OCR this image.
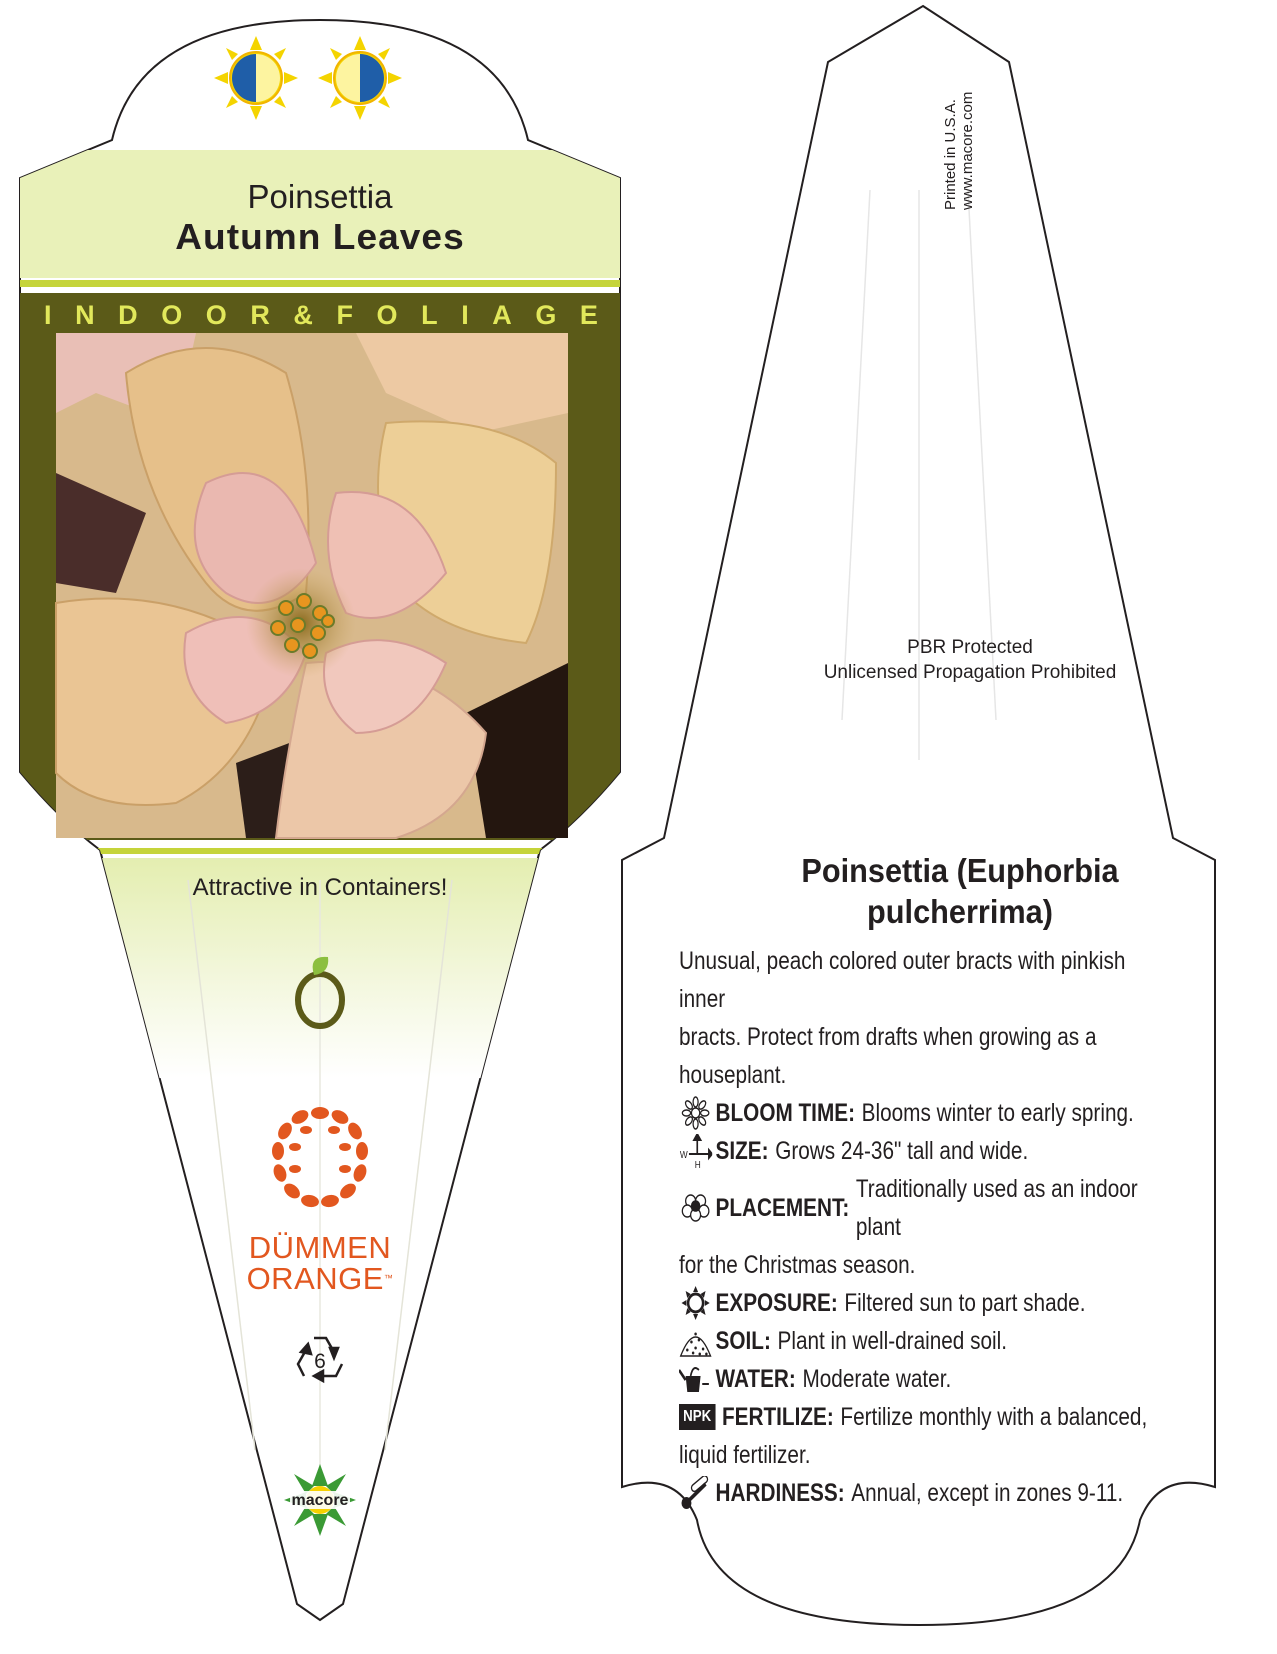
Poinsettia
Autumn Leaves
I N D O O R & F O L I A G E
Attractive in Containers!
DÜMMEN
ORANGE™
6
macore
Printed in U.S.A. www.macore.com
PBR Protected
Unlicensed Propagation Prohibited
Poinsettia (Euphorbia
pulcherrima)
Unusual, peach colored outer bracts with pinkish inner
bracts. Protect from drafts when growing as a
houseplant.
BLOOM TIME: Blooms winter to early spring.
W
H SIZE: Grows 24-36" tall and wide.
PLACEMENT:
Traditionally used as an indoor plant
for the Christmas season.
EXPOSURE: Filtered sun to part shade.
SOIL: Plant in well-drained soil.
WATER: Moderate water.
NPK FERTILIZE: Fertilize monthly with a balanced,
liquid fertilizer.
HARDINESS: Annual, except in zones 9-11.
